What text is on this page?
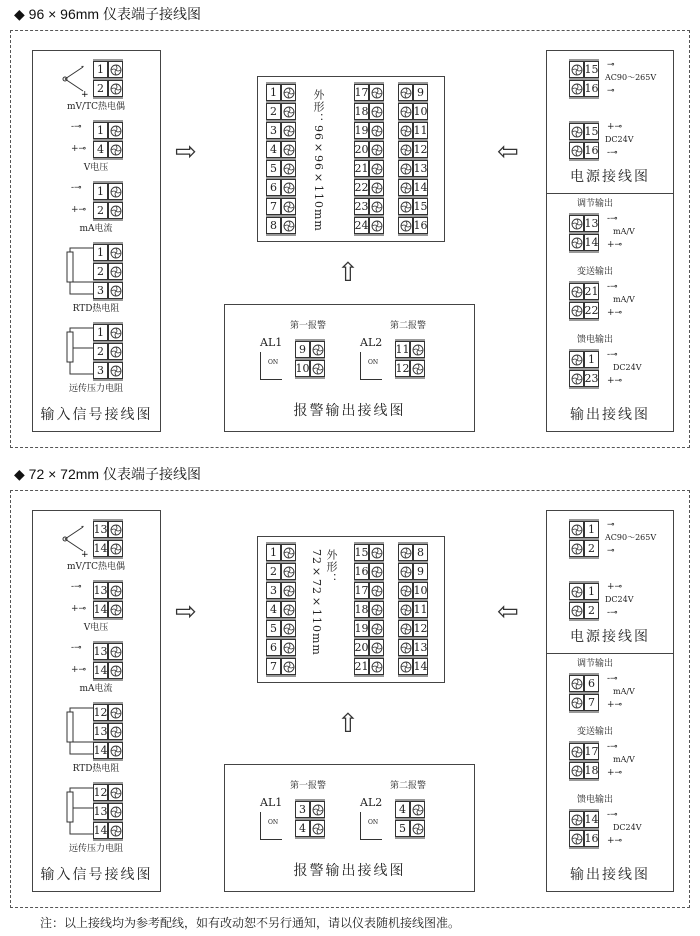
◆ 96 × 96mm 仪表端子接线图
1
2
-
+
mV/TC热电偶
1
4
-⊸
+⊸
V电压
1
2
-⊸
+⊸
mA电流
1
2
3
RTD热电阻
1
2
3
远传压力电阻
输入信号接线图
⇨	⇦
1
2
3
4
5
6
7
8	外形：96×96×110mm	17
18
19
20
21
22
23
24
9
10
11
12
13
14
15
16
⇧
第一报警
AL1
ON
9
10
第二报警
AL2
ON
11
12
报警输出接线图
15
16
⊸
⊸
AC90～265V
15
16
+⊸
-⊸
DC24V
电源接线图
调节输出
13
14
-⊸
+⊸
mA/V
变送输出
21
22
-⊸
+⊸
mA/V
馈电输出
1
23
-⊸
+⊸
DC24V
输出接线图
◆ 72 × 72mm 仪表端子接线图
13
14
-
+
mV/TC热电偶
13
14
-⊸
+⊸
V电压
13
14
-⊸
+⊸
mA电流
12
13
14
RTD热电阻
12
13
14
远传压力电阻
输入信号接线图
⇨	⇦
1
2
3
4
5
6
7
外形：72×72×110mm	15
16
17
18
19
20
21
8
9
10
11
12
13
14
⇧
第一报警
AL1
ON
3
4
第二报警
AL2
ON
4
5
报警输出接线图
1
2
⊸
⊸
AC90～265V
1
2
+⊸
-⊸
DC24V
电源接线图
调节输出
6
7
-⊸
+⊸
mA/V
变送输出
17
18
-⊸
+⊸
mA/V
馈电输出
14
16
-⊸
+⊸
DC24V
输出接线图
注：以上接线均为参考配线，如有改动恕不另行通知，请以仪表随机接线图准。
